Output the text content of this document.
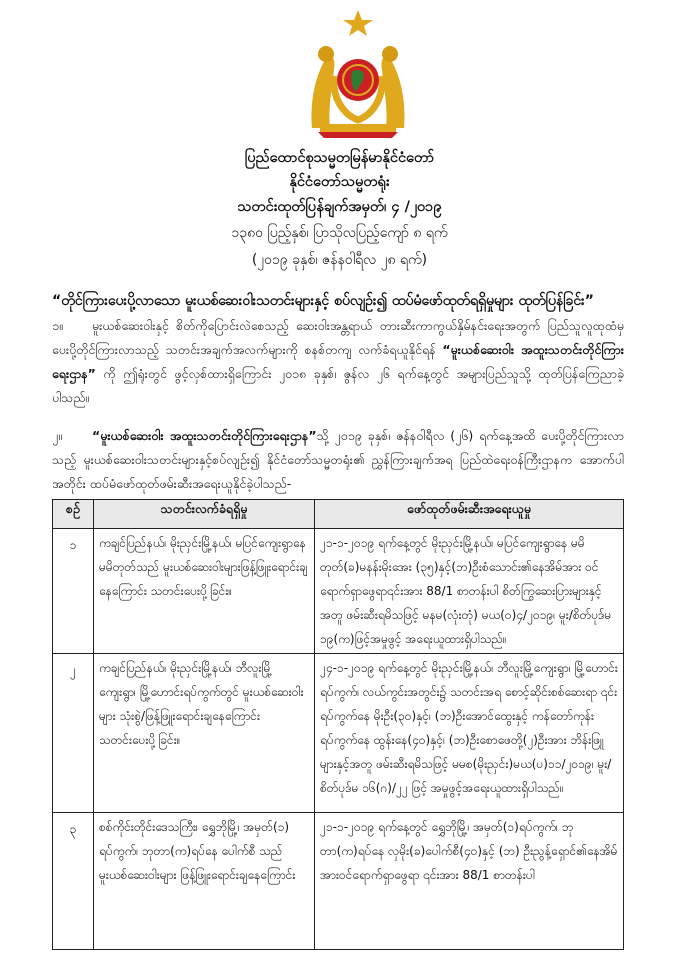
ပြည်ထောင်စုသမ္မတမြန်မာနိုင်ငံတော်
နိုင်ငံတော်သမ္မတရုံး
သတင်းထုတ်ပြန်ချက်အမှတ်၊ ၄ /၂၀၁၉
၁၃၈၀ ပြည့်နှစ်၊ ပြာသိုလပြည့်ကျော် ၈ ရက်
(၂၀၁၉ ခုနှစ်၊ ဇန်နဝါရီလ ၂၈ ရက်)
“တိုင်ကြားပေးပို့လာသော မူးယစ်ဆေးဝါးသတင်းများနှင့် စပ်လျဉ်း၍ ထပ်မံဖော်ထုတ်ရရှိမှုများ ထုတ်ပြန်ခြင်း”
၁။ မူးယစ်ဆေးဝါးနှင့် စိတ်ကိုပြောင်းလဲစေသည့် ဆေးဝါးအန္တရာယ် တားဆီးကာကွယ်နှိမ်နင်းရေးအတွက် ပြည်သူလူထုထံမှ ပေးပို့တိုင်ကြားလာသည့် သတင်းအချက်အလက်များကို စနစ်တကျ လက်ခံရယူနိုင်ရန် “မူးယစ်ဆေးဝါး အထူးသတင်းတိုင်ကြားရေးဌာန” ကို ဤရုံးတွင် ဖွင့်လှစ်ထားရှိကြောင်း ၂၀၁၈ ခုနှစ်၊ ဇွန်လ ၂၆ ရက်နေ့တွင် အများပြည်သူသို့ ထုတ်ပြန်ကြေညာခဲ့ပါသည်။
၂။ “မူးယစ်ဆေးဝါး အထူးသတင်းတိုင်ကြားရေးဌာန”သို့ ၂၀၁၉ ခုနှစ်၊ ဇန်နဝါရီလ (၂၆) ရက်နေ့အထိ ပေးပို့တိုင်ကြားလာသည့် မူးယစ်ဆေးဝါးသတင်းများနှင့်စပ်လျဉ်း၍ နိုင်ငံတော်သမ္မတရုံး၏ ညွှန်ကြားချက်အရ ပြည်ထဲရေးဝန်ကြီးဌာနက အောက်ပါအတိုင်း ထပ်မံဖော်ထုတ်ဖမ်းဆီးအရေးယူနိုင်ခဲ့ပါသည်-
စဉ်	သတင်းလက်ခံရရှိမှု	ဖော်ထုတ်ဖမ်းဆီးအရေးယူမှု
၁	ကချင်ပြည်နယ်၊ မိုးညှင်းမြို့နယ်၊ မပြင်ကျေးရွာနေ မမိတုတ်သည် မူးယစ်ဆေးဝါးများဖြန့်ဖြူးရောင်းချနေကြောင်း သတင်းပေးပို့ခြင်း။	၂၁-၁-၂၀၁၉ ရက်နေ့တွင် မိုးညှင်းမြို့နယ်၊ မပြင်ကျေးရွာနေ မမိတုတ်(ခ)မနန်းမိုးအေး (၃၅)နှင့်(ဘ)ဦးစံသောင်း၏နေအိမ်အား ဝင်ရောက်ရှာဖွေရာ၎င်းအား 88/1 စာတန်းပါ စိတ်ကြွဆေးပြားများနှင့်အတူ ဖမ်းဆီးရမိသဖြင့် မနမ(လုံးတုံ) မယ(ဝ)၄/၂၀၁၉၊ မူး/စိတ်ပုဒ်မ ၁၉(က)ဖြင့်အမှုဖွင့် အရေးယူထားရှိပါသည်။
၂	ကချင်ပြည်နယ်၊ မိုးညှင်းမြို့နယ်၊ ဘီလူးမြို့ ကျေးရွာ၊ မြို့ဟောင်းရပ်ကွက်တွင် မူးယစ်ဆေးဝါးများ သုံးစွဲ/ဖြန့်ဖြူးရောင်းချနေကြောင်း သတင်းပေးပို့ခြင်း။	၂၄-၁-၂၀၁၉ ရက်နေ့တွင် မိုးညှင်းမြို့နယ်၊ ဘီလူးမြို့ကျေးရွာ၊ မြို့ဟောင်းရပ်ကွက်၊ လယ်ကွင်းအတွင်း၌ သတင်းအရ စောင့်ဆိုင်းစစ်ဆေးရာ ၎င်းရပ်ကွက်နေ မိုးဦး(၃၀)နှင့်၊ (ဘ)ဦးအောင်ထွေးနှင့် ကန်တော်ကုန်းရပ်ကွက်နေ ထွန်းနေ(၄၀)နှင့်၊ (ဘ)ဦးစောဖေတို့(၂)ဦးအား ဘိန်းဖြူများနှင့်အတူ ဖမ်းဆီးရမိသဖြင့် မမစ(မိုးညှင်း)မယ(ပ)၁၁/၂၀၁၉၊ မူး/စိတ်ပုဒ်မ ၁၆(ဂ)/၂၂ ဖြင့် အမှုဖွင့်အရေးယူထားရှိပါသည်။
၃	စစ်ကိုင်းတိုင်းဒေသကြီး၊ ရွှေဘိုမြို့၊ အမှတ်(၁) ရပ်ကွက်၊ ဘုတာ(က)ရပ်နေ ပေါက်စီ သည် မူးယစ်ဆေးဝါးများ ဖြန့်ဖြူးရောင်းချနေကြောင်း	၂၁-၁-၂၀၁၉ ရက်နေ့တွင် ရွှေဘိုမြို့၊ အမှတ်(၁)ရပ်ကွက်၊ ဘုတာ(က)ရပ်နေ လှမိုး(ခ)ပေါက်စီ(၄၀)နှင့် (ဘ) ဦးညွန့်ရှောင်၏နေအိမ်အားဝင်ရောက်ရှာဖွေရာ ၎င်းအား 88/1 စာတန်းပါ
